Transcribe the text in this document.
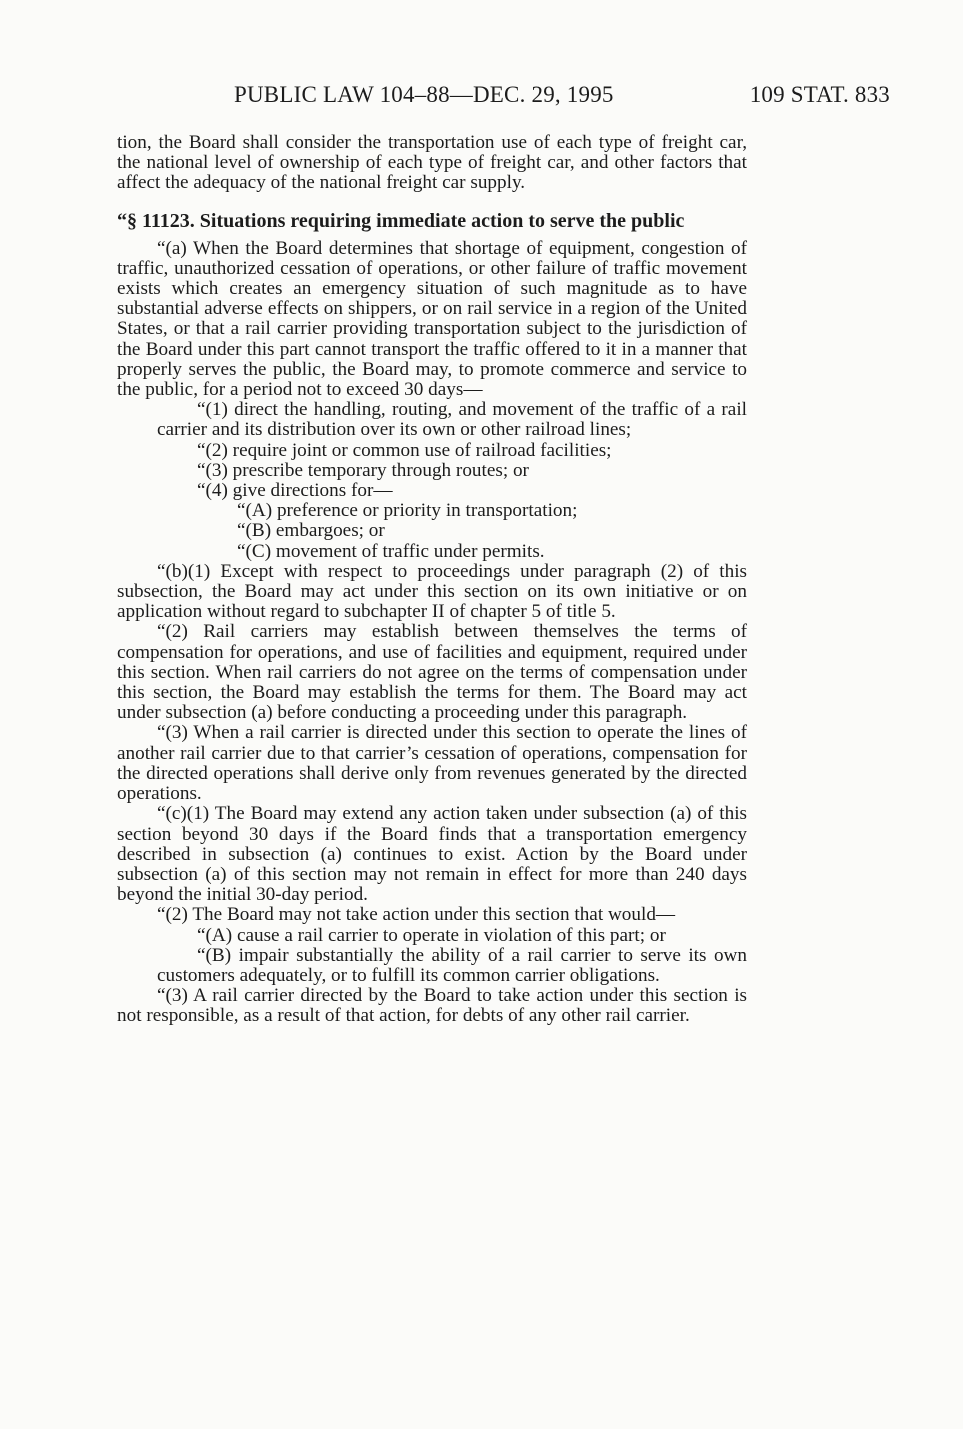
PUBLIC LAW 104–88—DEC. 29, 1995	109 STAT. 833

tion, the Board shall consider the transportation use of each type of freight car, the national level of ownership of each type of freight car, and other factors that affect the adequacy of the national freight car supply.

“§ 11123. Situations requiring immediate action to serve the public

“(a) When the Board determines that shortage of equipment, congestion of traffic, unauthorized cessation of operations, or other failure of traffic movement exists which creates an emergency situation of such magnitude as to have substantial adverse effects on shippers, or on rail service in a region of the United States, or that a rail carrier providing transportation subject to the jurisdiction of the Board under this part cannot transport the traffic offered to it in a manner that properly serves the public, the Board may, to promote commerce and service to the public, for a period not to exceed 30 days—

“(1) direct the handling, routing, and movement of the traffic of a rail carrier and its distribution over its own or other railroad lines;

“(2) require joint or common use of railroad facilities;

“(3) prescribe temporary through routes; or

“(4) give directions for—

“(A) preference or priority in transportation;

“(B) embargoes; or

“(C) movement of traffic under permits.

“(b)(1) Except with respect to proceedings under paragraph (2) of this subsection, the Board may act under this section on its own initiative or on application without regard to subchapter II of chapter 5 of title 5.

“(2) Rail carriers may establish between themselves the terms of compensation for operations, and use of facilities and equipment, required under this section. When rail carriers do not agree on the terms of compensation under this section, the Board may establish the terms for them. The Board may act under subsection (a) before conducting a proceeding under this paragraph.

“(3) When a rail carrier is directed under this section to operate the lines of another rail carrier due to that carrier’s cessation of operations, compensation for the directed operations shall derive only from revenues generated by the directed operations.

“(c)(1) The Board may extend any action taken under subsection (a) of this section beyond 30 days if the Board finds that a transportation emergency described in subsection (a) continues to exist. Action by the Board under subsection (a) of this section may not remain in effect for more than 240 days beyond the initial 30-day period.

“(2) The Board may not take action under this section that would—

“(A) cause a rail carrier to operate in violation of this part; or

“(B) impair substantially the ability of a rail carrier to serve its own customers adequately, or to fulfill its common carrier obligations.

“(3) A rail carrier directed by the Board to take action under this section is not responsible, as a result of that action, for debts of any other rail carrier.
